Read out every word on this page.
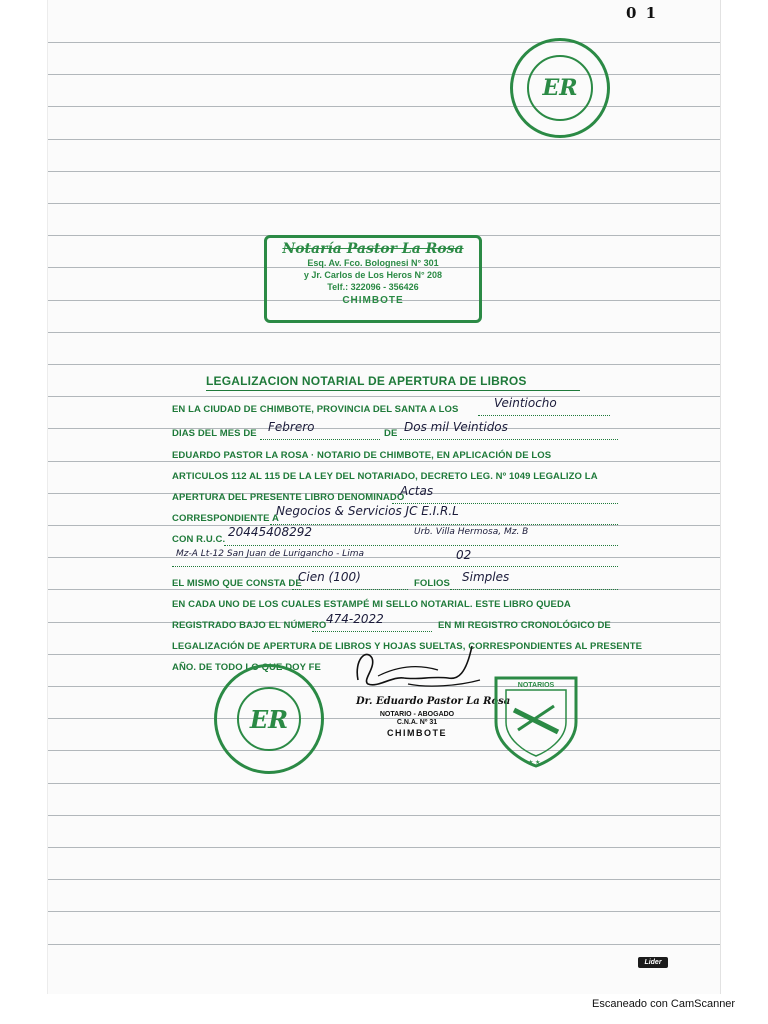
0 1
ER
Notaría Pastor La Rosa
Esq. Av. Fco. Bolognesi N° 301
y Jr. Carlos de Los Heros N° 208
Telf.: 322096 - 356426
CHIMBOTE
LEGALIZACION NOTARIAL DE APERTURA DE LIBROS
EN LA CIUDAD DE CHIMBOTE, PROVINCIA DEL SANTA A LOS	Veintiocho
DIAS DEL MES DE Febrero	DE Dos mil Veintidos
EDUARDO PASTOR LA ROSA · NOTARIO DE CHIMBOTE, EN APLICACIÓN DE LOS
ARTICULOS 112 AL 115 DE LA LEY DEL NOTARIADO, DECRETO LEG. Nº 1049 LEGALIZO LA
APERTURA DEL PRESENTE LIBRO DENOMINADO
Actas
CORRESPONDIENTE A
Negocios & Servicios JC E.I.R.L
CON R.U.C.
20445408292	Urb. Villa Hermosa, Mz. B
Mz-A Lt-12 San Juan de Lurigancho - Lima	02
EL MISMO QUE CONSTA DE
Cien (100)	FOLIOS Simples
EN CADA UNO DE LOS CUALES ESTAMPÉ MI SELLO NOTARIAL. ESTE LIBRO QUEDA
REGISTRADO BAJO EL NÚMERO 474-2022	EN MI REGISTRO CRONOLÓGICO DE
LEGALIZACIÓN DE APERTURA DE LIBROS Y HOJAS SUELTAS, CORRESPONDIENTES AL PRESENTE
AÑO. DE TODO LO QUE DOY FE
ER
Dr. Eduardo Pastor La Rosa
NOTARIO - ABOGADO
C.N.A. Nº 31
CHIMBOTE
NOTARIOS
★ ★
Lider
Escaneado con CamScanner
